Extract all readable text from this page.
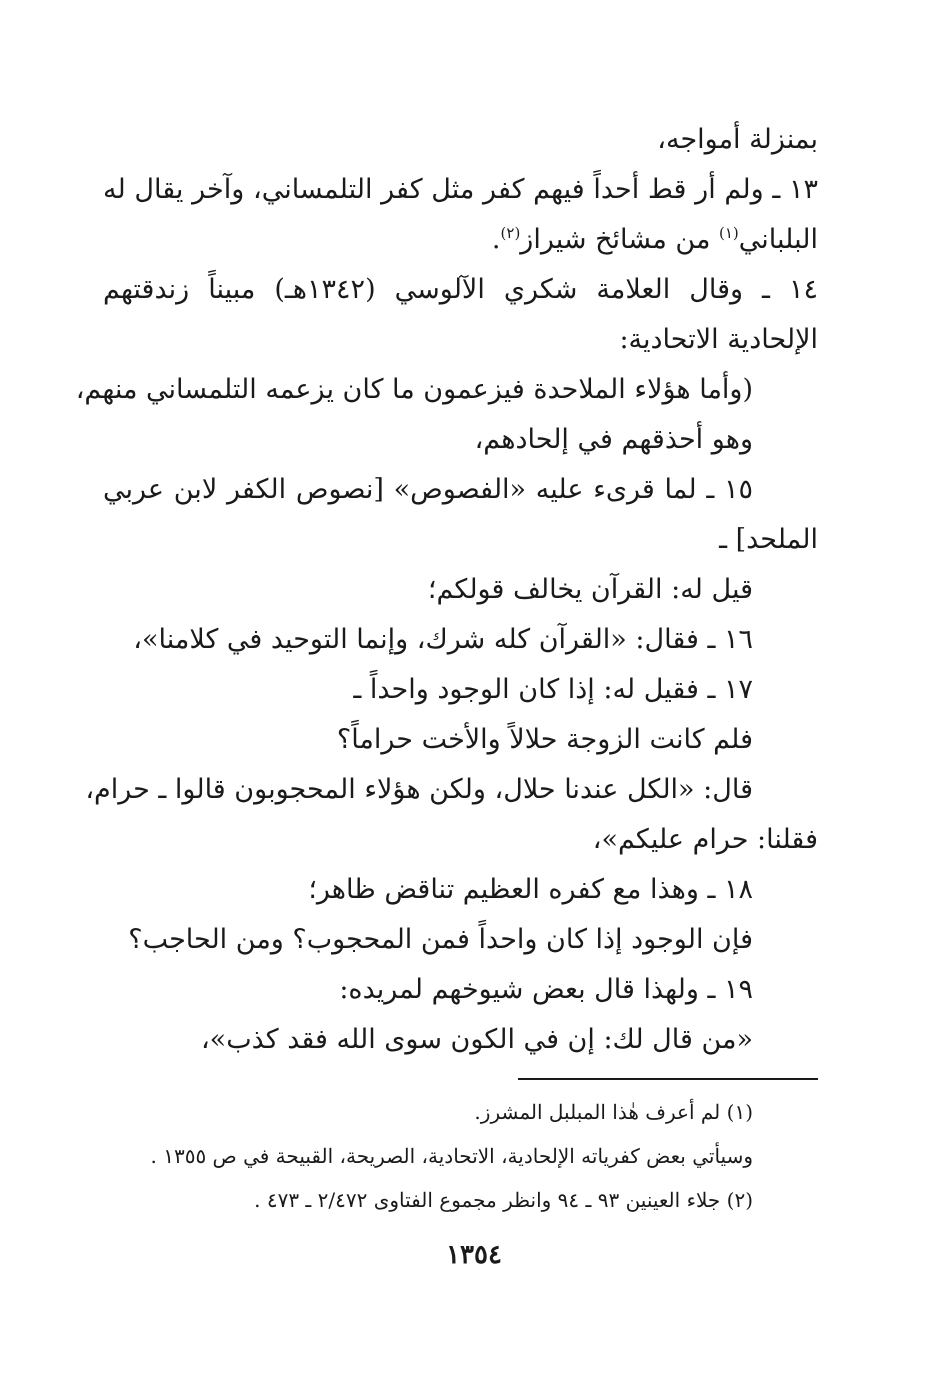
بمنزلة أمواجه،
١٣ ـ ولم أر قط أحداً فيهم كفر مثل كفر التلمساني، وآخر يقال له
البلباني$^{(١)}$ من مشائخ شيراز$^{(٢)}$.
١٤ ـ وقال العلامة شكري الآلوسي (١٣٤٢هـ) مبيناً زندقتهم
الإلحادية الاتحادية:
(وأما هؤلاء الملاحدة فيزعمون ما كان يزعمه التلمساني منهم،
وهو أحذقهم في إلحادهم،
١٥ ـ لما قرىء عليه «الفصوص» [نصوص الكفر لابن عربي
الملحد] ـ
قيل له: القرآن يخالف قولكم؛
١٦ ـ فقال: «القرآن كله شرك، وإنما التوحيد في كلامنا»،
١٧ ـ فقيل له: إذا كان الوجود واحداً ـ
فلم كانت الزوجة حلالاً والأخت حراماً؟
قال: «الكل عندنا حلال، ولكن هؤلاء المحجوبون قالوا ـ حرام،
فقلنا: حرام عليكم»،
١٨ ـ وهذا مع كفره العظيم تناقض ظاهر؛
فإن الوجود إذا كان واحداً فمن المحجوب؟ ومن الحاجب؟
١٩ ـ ولهذا قال بعض شيوخهم لمريده:
«من قال لك: إن في الكون سوى الله فقد كذب»،
(١) لم أعرف هٰذا المبلبل المشرز.
وسيأتي بعض كفرياته الإلحادية، الاتحادية، الصريحة، القبيحة في ص ١٣٥٥ .
(٢) جلاء العينين ٩٣ ـ ٩٤ وانظر مجموع الفتاوى ٢/٤٧٢ ـ ٤٧٣ .
١٣٥٤
